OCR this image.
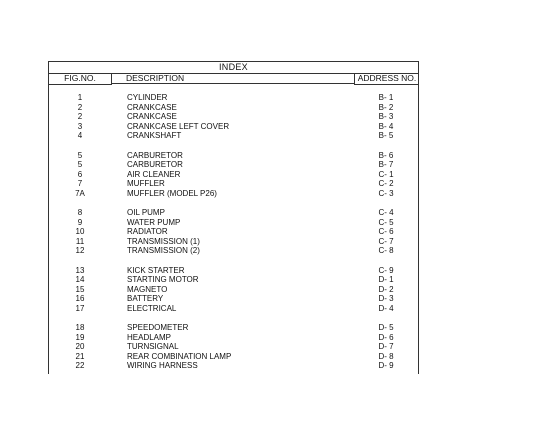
INDEX
FIG.NO.	DESCRIPTION	ADDRESS NO.
1	CYLINDER	B- 1
2	CRANKCASE	B- 2
2	CRANKCASE	B- 3
3	CRANKCASE LEFT COVER	B- 4
4	CRANKSHAFT	B- 5
5	CARBURETOR	B- 6
5	CARBURETOR	B- 7
6	AIR CLEANER	C- 1
7	MUFFLER	C- 2
7A	MUFFLER (MODEL P26)	C- 3
8	OIL PUMP	C- 4
9	WATER PUMP	C- 5
10	RADIATOR	C- 6
11	TRANSMISSION (1)	C- 7
12	TRANSMISSION (2)	C- 8
13	KICK STARTER	C- 9
14	STARTING MOTOR	D- 1
15	MAGNETO	D- 2
16	BATTERY	D- 3
17	ELECTRICAL	D- 4
18	SPEEDOMETER	D- 5
19	HEADLAMP	D- 6
20	TURNSIGNAL	D- 7
21	REAR COMBINATION LAMP	D- 8
22	WIRING HARNESS	D- 9
